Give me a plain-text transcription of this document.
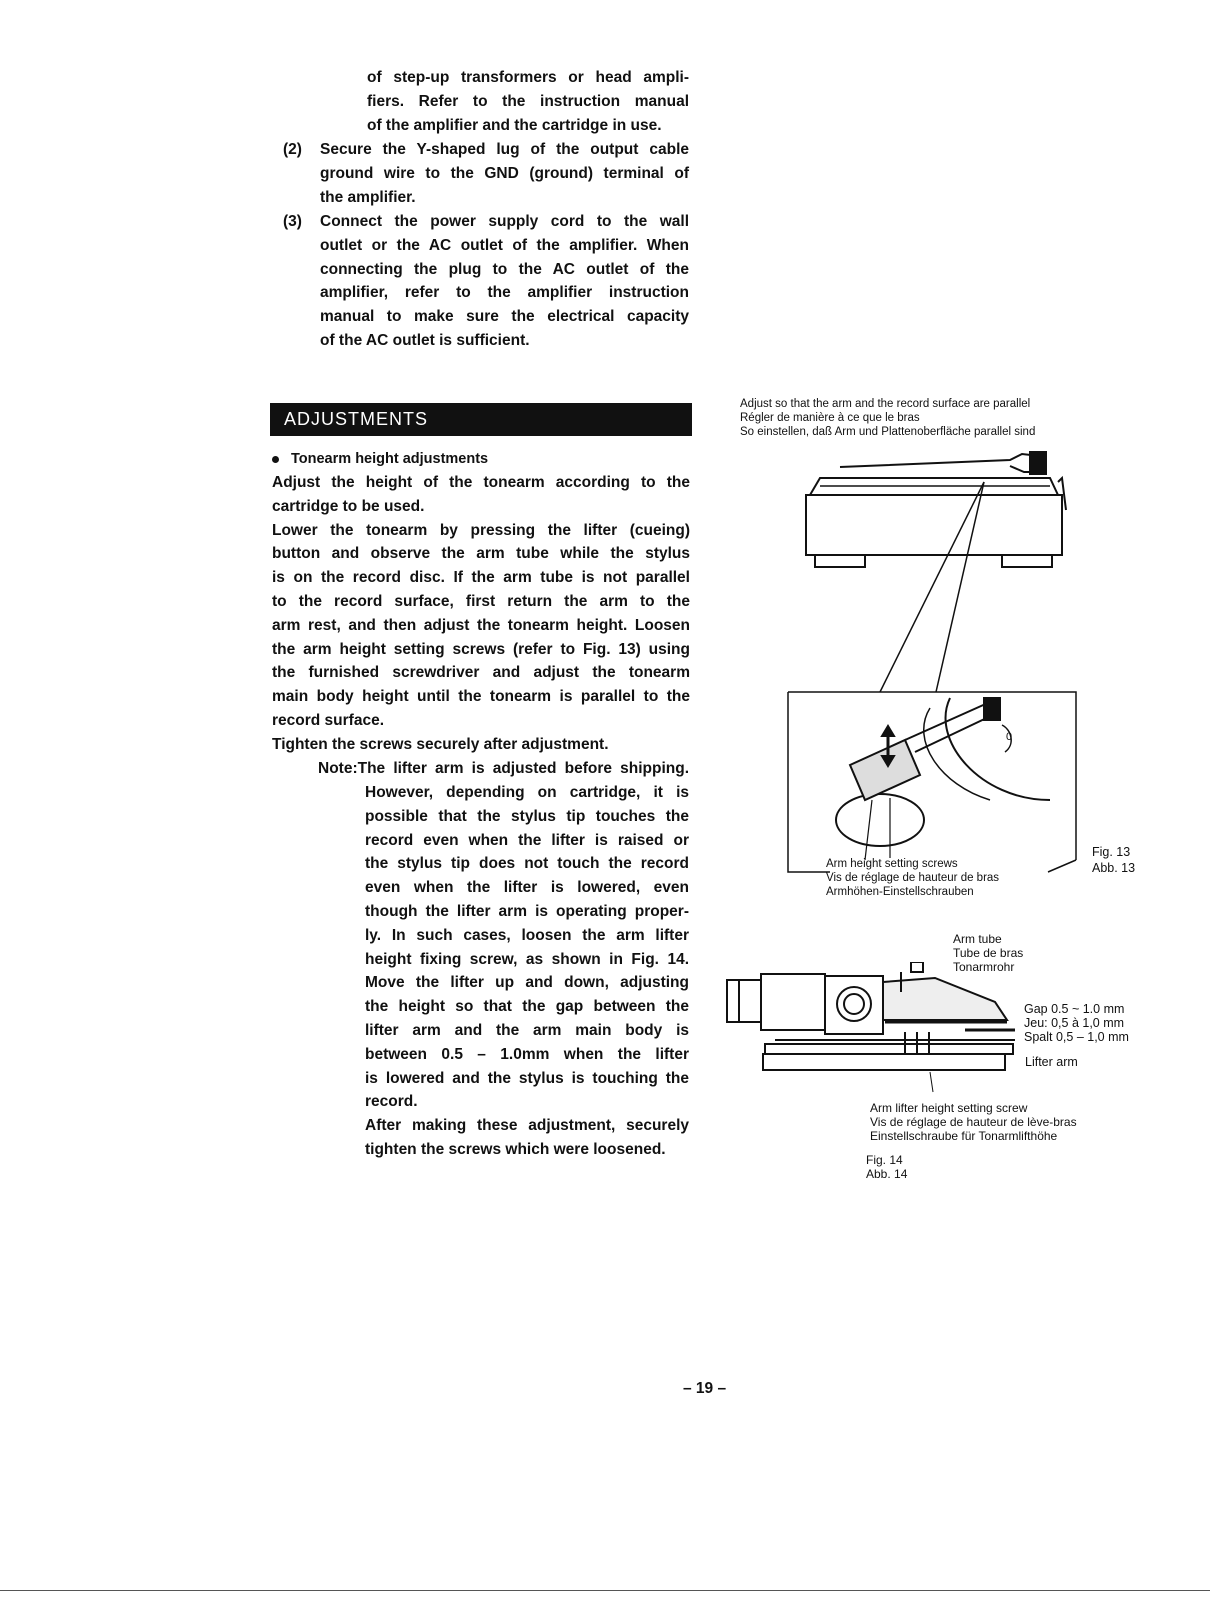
of step-up transformers or head ampli-
fiers. Refer to the instruction manual
of the amplifier and the cartridge in use.
(2) Secure the Y-shaped lug of the output cable
ground wire to the GND (ground) terminal of
the amplifier.
(3) Connect the power supply cord to the wall
outlet or the AC outlet of the amplifier. When
connecting the plug to the AC outlet of the
amplifier, refer to the amplifier instruction
manual to make sure the electrical capacity
of the AC outlet is sufficient.
ADJUSTMENTS
Tonearm height adjustments
Adjust the height of the tonearm according to the
cartridge to be used.
Lower the tonearm by pressing the lifter (cueing)
button and observe the arm tube while the stylus
is on the record disc. If the arm tube is not parallel
to the record surface, first return the arm to the
arm rest, and then adjust the tonearm height. Loosen
the arm height setting screws (refer to Fig. 13) using
the furnished screwdriver and adjust the tonearm
main body height until the tonearm is parallel to the
record surface.
Tighten the screws securely after adjustment.
Note:The lifter arm is adjusted before shipping.
However, depending on cartridge, it is
possible that the stylus tip touches the
record even when the lifter is raised or
the stylus tip does not touch the record
even when the lifter is lowered, even
though the lifter arm is operating proper-
ly. In such cases, loosen the arm lifter
height fixing screw, as shown in Fig. 14.
Move the lifter up and down, adjusting
the height so that the gap between the
lifter arm and the arm main body is
between 0.5 – 1.0mm when the lifter
is lowered and the stylus is touching the
record.
After making these adjustment, securely
tighten the screws which were loosened.
Adjust so that the arm and the record surface are parallel
Régler de manière à ce que le bras
So einstellen, daß Arm und Plattenoberfläche parallel sind
0
Arm height setting screws
Vis de réglage de hauteur de bras
Armhöhen-Einstellschrauben
Fig. 13
Abb. 13
Arm tube
Tube de bras
Tonarmrohr
Gap 0.5 ~ 1.0 mm
Jeu: 0,5 à 1,0 mm
Spalt 0,5 – 1,0 mm
Lifter arm
Arm lifter height setting screw
Vis de réglage de hauteur de lève-bras
Einstellschraube für Tonarmlifthöhe
Fig. 14
Abb. 14
– 19 –
